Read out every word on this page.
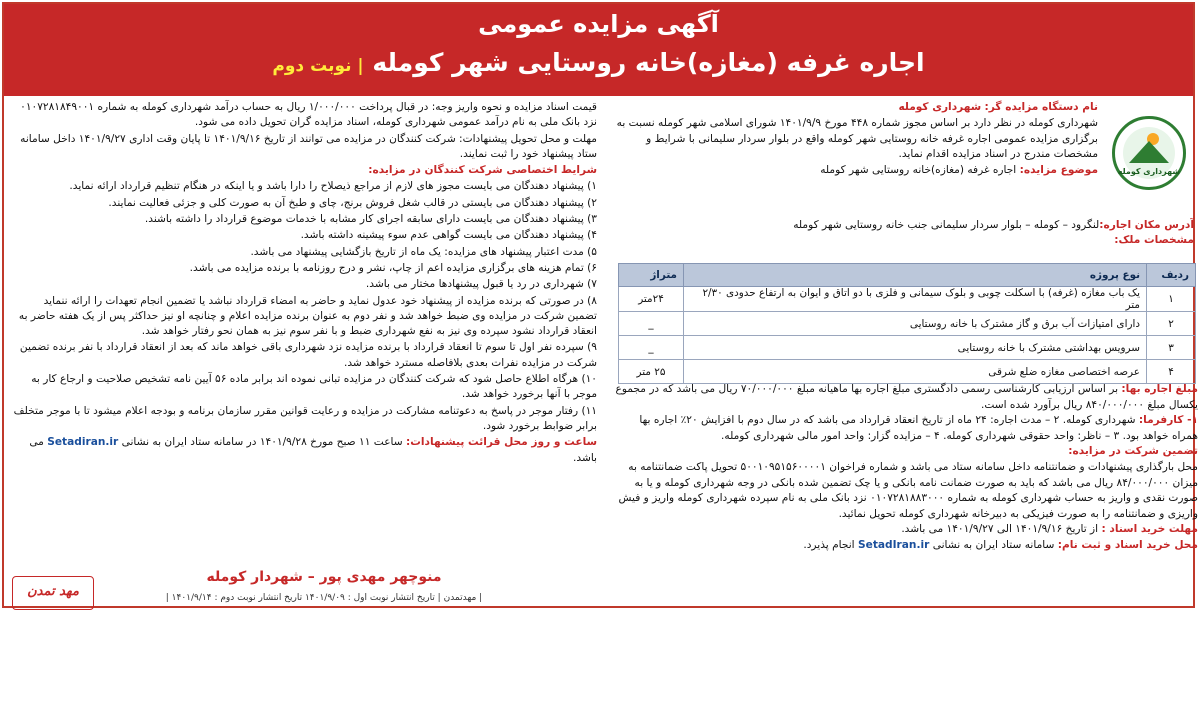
آگهی مزایده عمومی
اجاره غرفه (مغازه)خانه روستایی شهر کومله | نوبت دوم
شهرداری کومله

نام دستگاه مزایده گر: شهرداری کومله

شهرداری کومله در نظر دارد بر اساس مجوز شماره ۴۴۸ مورخ ۱۴۰۱/۹/۹ شورای اسلامی شهر کومله نسبت به برگزاری مزایده عمومی اجاره غرفه خانه روستایی شهر کومله واقع در بلوار سردار سلیمانی با شرایط و مشخصات مندرج در اسناد مزایده اقدام نماید.

موضوع مزایده: اجاره غرفه (مغازه)خانه روستایی شهر کومله

آدرس مکان اجاره:لنگرود – کومله – بلوار سردار سلیمانی جنب خانه روستایی شهر کومله
مشخصات ملک:
ردیف	نوع پروژه	متراژ
۱	یک باب مغازه (غرفه) با اسکلت چوبی و بلوک سیمانی و فلزی با دو اتاق و ایوان به ارتفاع حدودی ۲/۳۰ متر	۲۴متر
۲	دارای امتیازات آب برق و گاز مشترک با خانه روستایی	_
۳	سرویس بهداشتی مشترک با خانه روستایی	_
۴	عرصه اختصاصی مغازه ضلع شرقی	۲۵ متر

مبلغ اجاره بها: بر اساس ارزیابی کارشناسی رسمی دادگستری مبلغ اجاره بها ماهیانه مبلغ ۷۰/۰۰۰/۰۰۰ ریال می باشد که در مجموع یکسال مبلغ ۸۴۰/۰۰۰/۰۰۰ ریال برآورد شده است.

۱- کارفرما: شهرداری کومله. ۲ – مدت اجاره: ۲۴ ماه از تاریخ انعقاد قرارداد می باشد که در سال دوم با افزایش ۲۰٪ اجاره بها همراه خواهد بود. ۳ – ناظر: واحد حقوقی شهرداری کومله. ۴ – مزایده گزار: واحد امور مالی شهرداری کومله.

تضمین شرکت در مزایده:

محل بارگذاری پیشنهادات و ضمانتنامه داخل سامانه ستاد می باشد و شماره فراخوان ۵۰۰۱۰۹۵۱۵۶۰۰۰۰۱ تحویل پاکت ضمانتنامه به میزان ۸۴/۰۰۰/۰۰۰ ریال می باشد که باید به صورت ضمانت نامه بانکی و یا چک تضمین شده بانکی در وجه شهرداری کومله و یا به صورت نقدی و واریز به حساب شهرداری کومله به شماره ۰۱۰۷۲۸۱۸۸۳۰۰۰ نزد بانک ملی به نام سپرده شهرداری کومله واریز و فیش واریزی و ضمانتنامه را به صورت فیزیکی به دبیرخانه شهرداری کومله تحویل نمائید.

مهلت خرید اسناد : از تاریخ ۱۴۰۱/۹/۱۶ الی ۱۴۰۱/۹/۲۷ می باشد.

محل خرید اسناد و ثبت نام: سامانه ستاد ایران به نشانی SetadIran.ir انجام پذیرد.

قیمت اسناد مزایده و نحوه واریز وجه: در قبال پرداخت ۱/۰۰۰/۰۰۰ ریال به حساب درآمد شهرداری کومله به شماره ۰۱۰۷۲۸۱۸۴۹۰۰۱ نزد بانک ملی به نام درآمد عمومی شهرداری کومله، اسناد مزایده گران تحویل داده می شود.

مهلت و محل تحویل پیشنهادات: شرکت کنندگان در مزایده می توانند از تاریخ ۱۴۰۱/۹/۱۶ تا پایان وقت اداری ۱۴۰۱/۹/۲۷ داخل سامانه ستاد پیشنهاد خود را ثبت نمایند.

شرایط اختصاصی شرکت کنندگان در مزایده:

۱) پیشنهاد دهندگان می بایست مجوز های لازم از مراجع ذیصلاح را دارا باشد و یا اینکه در هنگام تنظیم قرارداد ارائه نماید.

۲) پیشنهاد دهندگان می بایستی در قالب شغل فروش برنج، چای و طبخ آن به صورت کلی و جزئی فعالیت نمایند.

۳) پیشنهاد دهندگان می بایست دارای سابقه اجرای کار مشابه با خدمات موضوع قرارداد را داشته باشند.

۴) پیشنهاد دهندگان می بایست گواهی عدم سوء پیشینه داشته باشد.

۵) مدت اعتبار پیشنهاد های مزایده: یک ماه از تاریخ بازگشایی پیشنهاد می باشد.

۶) تمام هزینه های برگزاری مزایده اعم از چاپ، نشر و درج روزنامه با برنده مزایده می باشد.

۷) شهرداری در رد یا قبول پیشنهادها مختار می باشد.

۸) در صورتی که برنده مزایده از پیشنهاد خود عدول نماید و حاضر به امضاء قرارداد نباشد یا تضمین انجام تعهدات را ارائه ننماید تضمین شرکت در مزایده وی ضبط خواهد شد و نفر دوم به عنوان برنده مزایده اعلام و چنانچه او نیز حداکثر پس از یک هفته حاضر به انعقاد قرارداد نشود سپرده وی نیز به نفع شهرداری ضبط و با نفر سوم نیز به همان نحو رفتار خواهد شد.

۹) سپرده نفر اول تا سوم تا انعقاد قرارداد با برنده مزایده نزد شهرداری باقی خواهد ماند که بعد از انعقاد قرارداد با نفر برنده تضمین شرکت در مزایده نفرات بعدی بلافاصله مسترد خواهد شد.

۱۰) هرگاه اطلاع حاصل شود که شرکت کنندگان در مزایده تبانی نموده اند برابر ماده ۵۶ آیین نامه تشخیص صلاحیت و ارجاع کار به موجر با آنها برخورد خواهد شد.

۱۱) رفتار موجر در پاسخ به دعوتنامه مشارکت در مزایده و رعایت قوانین مقرر سازمان برنامه و بودجه اعلام میشود تا با موجر متخلف برابر ضوابط برخورد شود.

ساعت و روز محل قرائت پیشنهادات: ساعت ۱۱ صبح مورخ ۱۴۰۱/۹/۲۸ در سامانه ستاد ایران به نشانی Setadiran.ir می باشد.

منوچهر مهدی پور – شهردار کومله
| مهدتمدن | تاریخ انتشار نوبت اول : ۱۴۰۱/۹/۰۹ تاریخ انتشار نوبت دوم : ۱۴۰۱/۹/۱۴ |
مهد تمدن
